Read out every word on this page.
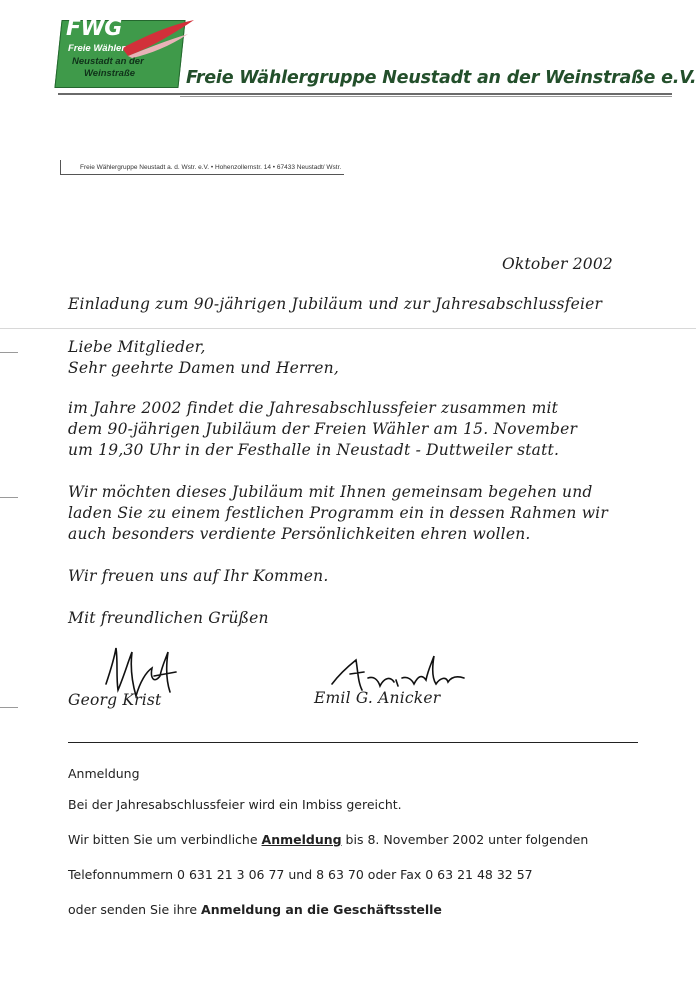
FWG
Freie Wähler
Neustadt an der
Weinstraße	Freie Wählergruppe Neustadt an der Weinstraße e.V.
Freie Wählergruppe Neustadt a. d. Wstr. e.V. • Hohenzollernstr. 14 • 67433 Neustadt/ Wstr.
Oktober 2002
Einladung zum 90-jährigen Jubiläum und zur Jahresabschlussfeier
Liebe Mitglieder,
Sehr geehrte Damen und Herren,
im Jahre 2002 findet die Jahresabschlussfeier zusammen mit
dem 90-jährigen Jubiläum der Freien Wähler am 15. November
um 19,30 Uhr in der Festhalle in Neustadt - Duttweiler statt.
Wir möchten dieses Jubiläum mit Ihnen gemeinsam begehen und
laden Sie zu einem festlichen Programm ein in dessen Rahmen wir
auch besonders verdiente Persönlichkeiten ehren wollen.
Wir freuen uns auf Ihr Kommen.
Mit freundlichen Grüßen
Georg Krist	Emil G. Anicker
Anmeldung
Bei der Jahresabschlussfeier wird ein Imbiss gereicht.
Wir bitten Sie um verbindliche Anmeldung bis 8. November 2002 unter folgenden
Telefonnummern 0 631 21 3 06 77 und 8 63 70 oder Fax 0 63 21 48 32 57
oder senden Sie ihre Anmeldung an die Geschäftsstelle
